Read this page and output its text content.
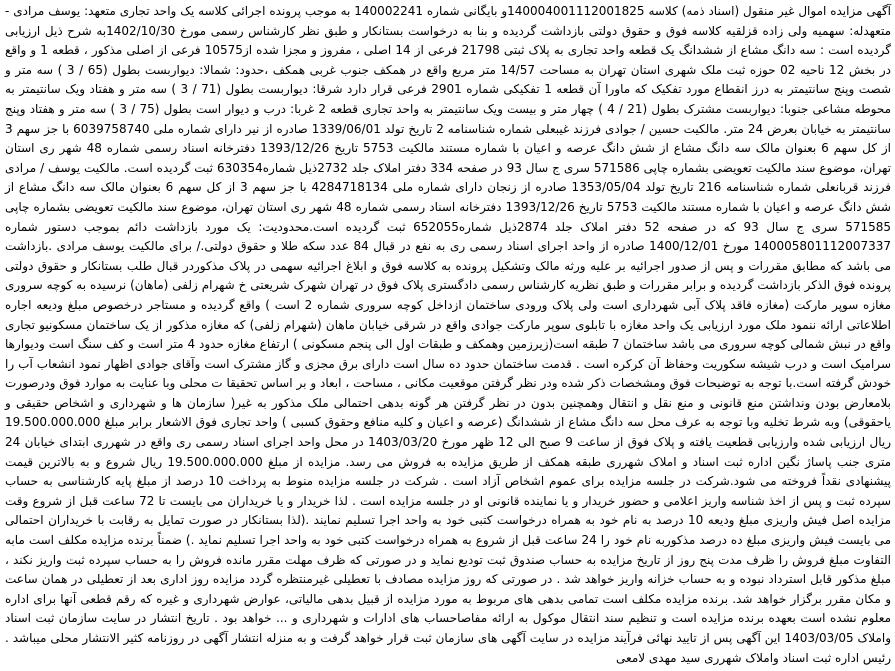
آگهی مزایده اموال غیر منقول (اسناد ذمه) کلاسه 140004001112001825و بایگانی شماره 140002241 به موجب پرونده اجرائی کلاسه یک واحد تجاری متعهد: یوسف مرادی - متعهدله: سهمیه ولی زاده قزلقیه کلاسه فوق و حقوق دولتی بازداشت گردیده و بنا به درخواست بستانکار و طبق نظر کارشناس رسمی مورخ 1402/10/30به شرح ذیل ارزیابی گردیده است : سه دانگ مشاع از ششدانگ یک قطعه واحد تجاری به پلاک ثبتی 21798 فرعی از 14 اصلی ، مفروز و مجزا شده از10575 فرعی از اصلی مذکور ، قطعه 1 و واقع در بخش 12 ناحیه 02 حوزه ثبت ملک شهری استان تهران به مساحت 14/57 متر مربع واقع در همکف جنوب غربی همکف ،حدود: شمالا: دیواربست بطول (65 / 3 ) سه متر و شصت وپنج سانتیمتر به درز انقطاع مورد تفکیک که ماورا آن قطعه 1 تفکیکی شماره 2901 فرعی قرار دارد شرقا: دیواربست بطول (71 / 3 ) سه متر و هفتاد ویک سانتیمتر به محوطه مشاعی جنوبا: دیواربست مشترک بطول (21 / 4 ) چهار متر و بیست ویک سانتیمتر به واحد تجاری قطعه 2 غربا: درب و دیوار است بطول (75 / 3 ) سه متر و هفتاد وپنج سانتیمتر به خیابان بعرض 24 متر. مالکیت حسین / جوادی فرزند غیبعلی شماره شناسنامه 2 تاریخ تولد 1339/06/01 صادره از نیر دارای شماره ملی 6039758740 با جز سهم 3 از کل سهم 6 بعنوان مالک سه دانگ مشاع از شش دانگ عرصه و اعیان با شماره مستند مالکیت 5753 تاریخ 1393/12/26 دفترخانه اسناد رسمی شماره 48 شهر ری استان تهران، موضوع سند مالکیت تعویضی بشماره چاپی 571586 سری ج سال 93 در صفحه 334 دفتر املاک جلد 2732ذیل شماره630354 ثبت گردیده است. مالکیت یوسف / مرادی فرزند قربانعلی شماره شناسنامه 216 تاریخ تولد 1353/05/04 صادره از زنجان دارای شماره ملی 4284718134 با جز سهم 3 از کل سهم 6 بعنوان مالک سه دانگ مشاع از شش دانگ عرصه و اعیان با شماره مستند مالکیت 5753 تاریخ 1393/12/26 دفترخانه اسناد رسمی شماره 48 شهر ری استان تهران، موضوع سند مالکیت تعویضی بشماره چاپی 571585 سری ج سال 93 که در صفحه 52 دفتر املاک جلد 2874ذیل شماره652055 ثبت گردیده است.محدودیت: یک مورد بازداشت دائم بموجب دستور شماره 140005801112007337 مورخ 1400/12/01 صادره از واحد اجرای اسناد رسمی ری به نفع در قبال 84 عدد سکه طلا و حقوق دولتی./ برای مالکیت یوسف مرادی .بازداشت می باشد که مطابق مقررات و پس از صدور اجرائیه بر علیه ورثه مالک وتشکیل پرونده به کلاسه فوق و ابلاغ اجرائیه سهمی در پلاک مذکوردر قبال طلب بستانکار و حقوق دولتی پرونده فوق الذکر بازداشت گردیده و برابر مقررات و طبق نظریه کارشناس رسمی دادگستری پلاک فوق در تهران شهرک شریعتی خ شهرام زلفی (ماهان) نرسیده به کوچه سروری مغازه سوپر مارکت (مغازه فاقد پلاک آبی شهرداری است ولی پلاک ورودی ساختمان ازداخل کوچه سروری شماره 2 است ) واقع گردیده و مستاجر درخصوص مبلغ ودیعه اجاره اطلاعاتی ارائه ننمود ملک مورد ارزیابی یک واحد مغازه با تابلوی سوپر مارکت جوادی واقع در شرقی خیابان ماهان (شهرام زلفی) که مغازه مذکور از یک ساختمان مسکونیو تجاری واقع در نبش شمالی کوچه سروری می باشد ساختمان 7 طبقه است(زیرزمین وهمکف و طبقات اول الی پنجم مسکونی ) ارتفاع مغازه حدود 4 متر است و کف سنگ است ودیوارها سرامیک است و درب شیشه سکوریت وحفاظ آن کرکره است . قدمت ساختمان حدود ده سال است دارای برق مجزی و گاز مشترک است وآقای جوادی اظهار نمود انشعاب آب را خودش گرفته است.با توجه به توضیحات فوق ومشخصات ذکر شده ودر نظر گرفتن موقعیت مکانی ، مساحت ، ابعاد و بر اساس تحقیقا ت محلی وبا عنایت به موارد فوق ودرصورت بلامعارض بودن ونداشتن منع قانونی و منع نقل و انتقال وهمچنین بدون در نظر گرفتن هر گونه بدهی احتمالی ملک مذکور به غیر( سازمان ها و شهرداری و اشخاص حقیقی و یاحقوقی) وبه شرط تخلیه وبا توجه به عرف محل سه دانگ مشاع از ششدانگ (عرصه و اعیان و کلیه منافع وحقوق کسبی ) واحد تجاری فوق الاشعار برابر مبلغ 19.500.000.000 ریال ارزیابی شده وارزیابی قطعیت یافته و پلاک فوق از ساعت 9 صبح الی 12 ظهر مورخ 1403/03/20 در محل واحد اجرای اسناد رسمی ری واقع در شهرری ابتدای خیابان 24 متری جنب پاساژ نگین اداره ثبت اسناد و املاک شهرری طبقه همکف از طریق مزایده به فروش می رسد. مزایده از مبلغ 19.500.000.000 ریال شروع و به بالاترین قیمت پیشنهادی نقداً فروخته می شود.شرکت در جلسه مزایده برای عموم اشخاص آزاد است . شرکت در جلسه مزایده منوط به پرداخت 10 درصد از مبلغ پایه کارشناسی به حساب سپرده ثبت و پس از اخذ شناسه واریز اعلامی و حضور خریدار و یا نماینده قانونی او در جلسه مزایده است . لذا خریدار و یا خریداران می بایست تا 72 ساعت قبل از شروع وقت مزایده اصل فیش واریزی مبلغ ودیعه 10 درصد به نام خود به همراه درخواست کتبی خود به واحد اجرا تسلیم نمایند .(لذا بستانکار در صورت تمایل به رقابت با خریداران احتمالی می بایست فیش واریزی مبلغ ده درصد مذکوربه نام خود را 24 ساعت قبل از شروع به همراه درخواست کتبی خود به واحد اجرا تسلیم نماید .) ضمناً برنده مزایده مکلف است مابه التفاوت مبلغ فروش را ظرف مدت پنج روز از تاریخ مزایده به حساب صندوق ثبت تودیع نماید و در صورتی که ظرف مهلت مقرر مانده فروش را به حساب سپرده ثبت واریز نکند ، مبلغ مذکور قابل استرداد نبوده و به حساب خزانه واریز خواهد شد . در صورتی که روز مزایده مصادف با تعطیلی غیرمنتظره گردد مزایده روز اداری بعد از تعطیلی در همان ساعت و مکان مقرر برگزار خواهد شد. برنده مزایده مکلف است تمامی بدهی های مربوط به مورد مزایده از قبیل بدهی مالیاتی، عوارض شهرداری و غیره که رقم قطعی آنها برای اداره معلوم نشده است بعهده برنده مزایده است و تنظیم سند انتقال موکول به ارائه مفاصاحساب های ادارات و شهرداری و ... خواهد بود . تاریخ انتشار در سایت سازمان ثبت اسناد واملاک 1403/03/05 این آگهی پس از تایید نهائی فرآیند مزایده در سایت آگهی های سازمان ثبت قرار خواهد گرفت و به منزله انتشار آگهی در روزنامه کثیر الانتشار محلی میباشد . رئیس اداره ثبت اسناد واملاک شهرری سید مهدی لامعی
